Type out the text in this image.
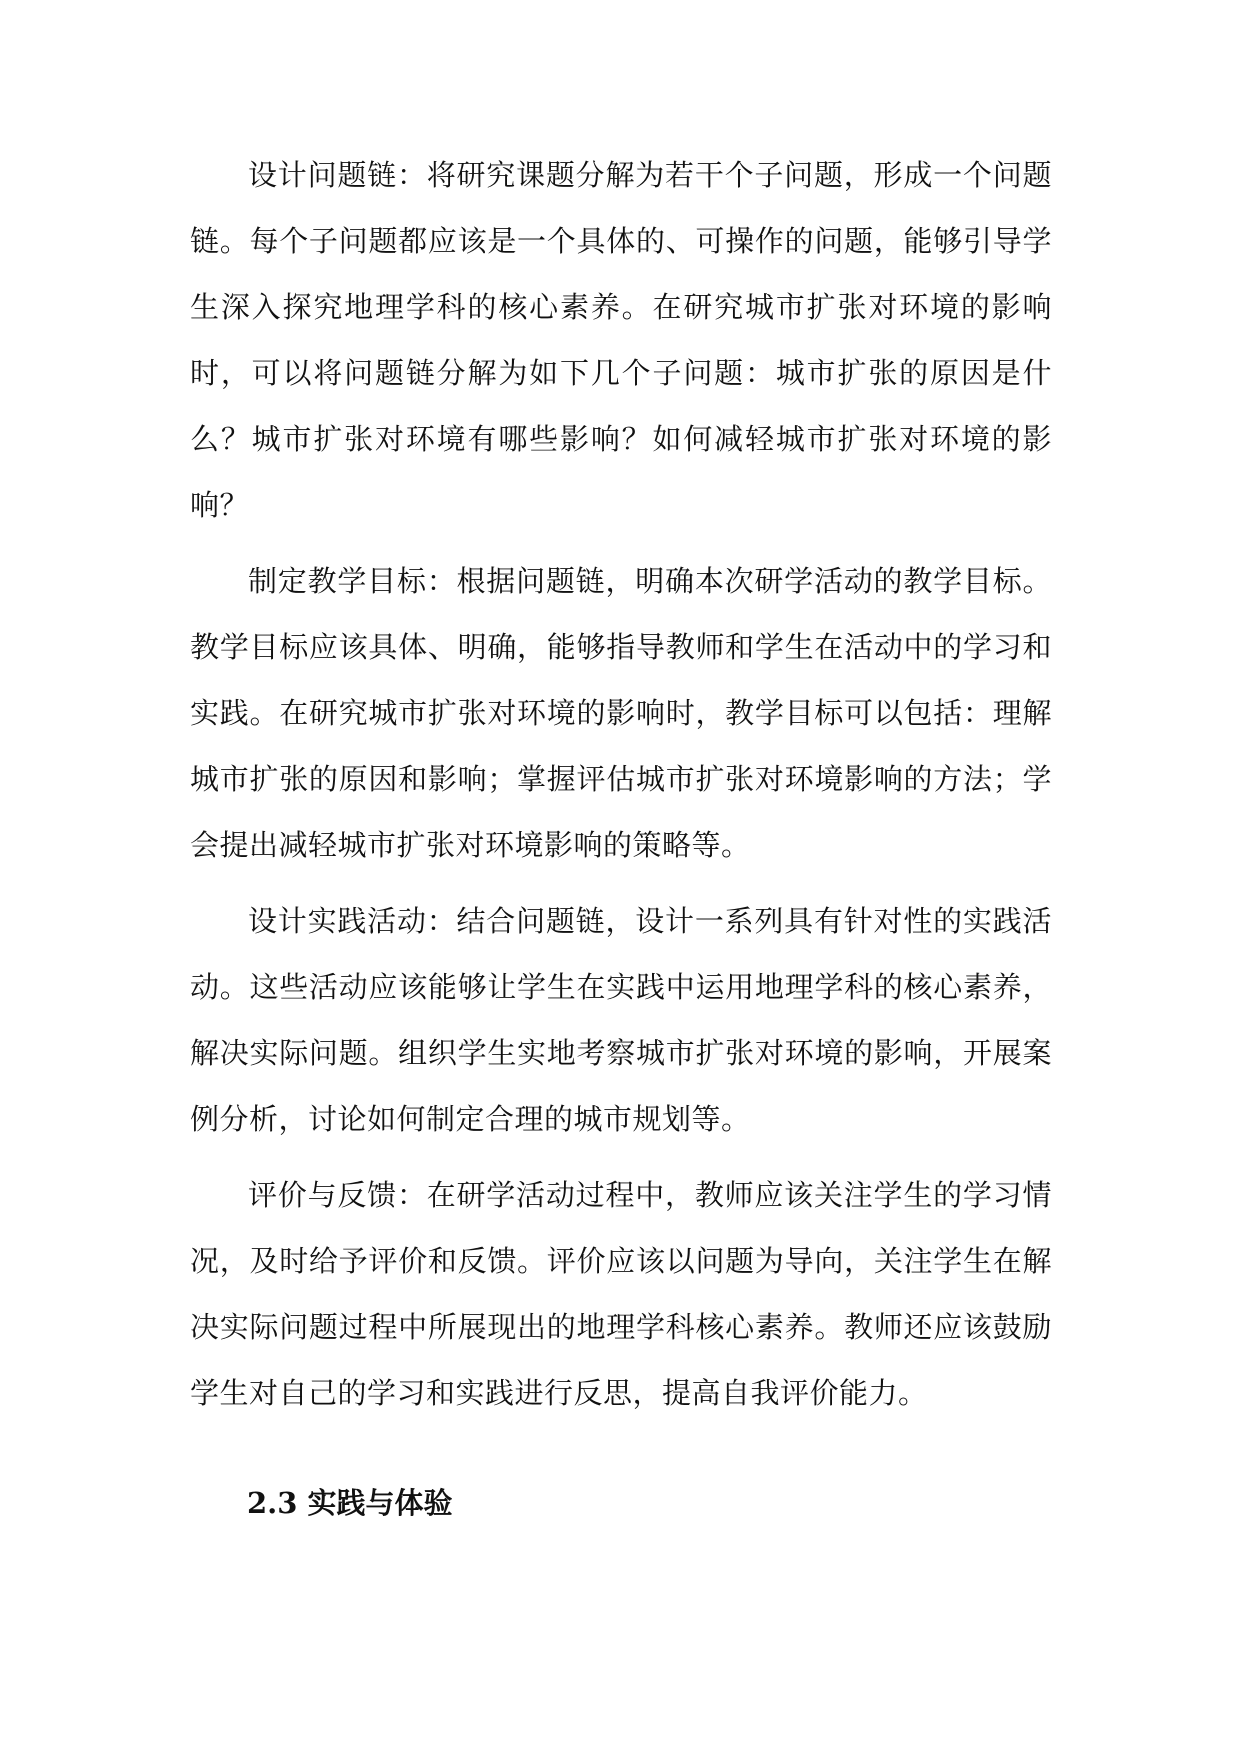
设计问题链：将研究课题分解为若干个子问题，形成一个问题链。每个子问题都应该是一个具体的、可操作的问题，能够引导学生深入探究地理学科的核心素养。在研究城市扩张对环境的影响时，可以将问题链分解为如下几个子问题：城市扩张的原因是什么？城市扩张对环境有哪些影响？如何减轻城市扩张对环境的影响？

制定教学目标：根据问题链，明确本次研学活动的教学目标。教学目标应该具体、明确，能够指导教师和学生在活动中的学习和实践。在研究城市扩张对环境的影响时，教学目标可以包括：理解城市扩张的原因和影响；掌握评估城市扩张对环境影响的方法；学会提出减轻城市扩张对环境影响的策略等。

设计实践活动：结合问题链，设计一系列具有针对性的实践活动。这些活动应该能够让学生在实践中运用地理学科的核心素养，解决实际问题。组织学生实地考察城市扩张对环境的影响，开展案例分析，讨论如何制定合理的城市规划等。

评价与反馈：在研学活动过程中，教师应该关注学生的学习情况，及时给予评价和反馈。评价应该以问题为导向，关注学生在解决实际问题过程中所展现出的地理学科核心素养。教师还应该鼓励学生对自己的学习和实践进行反思，提高自我评价能力。

2.3 实践与体验
